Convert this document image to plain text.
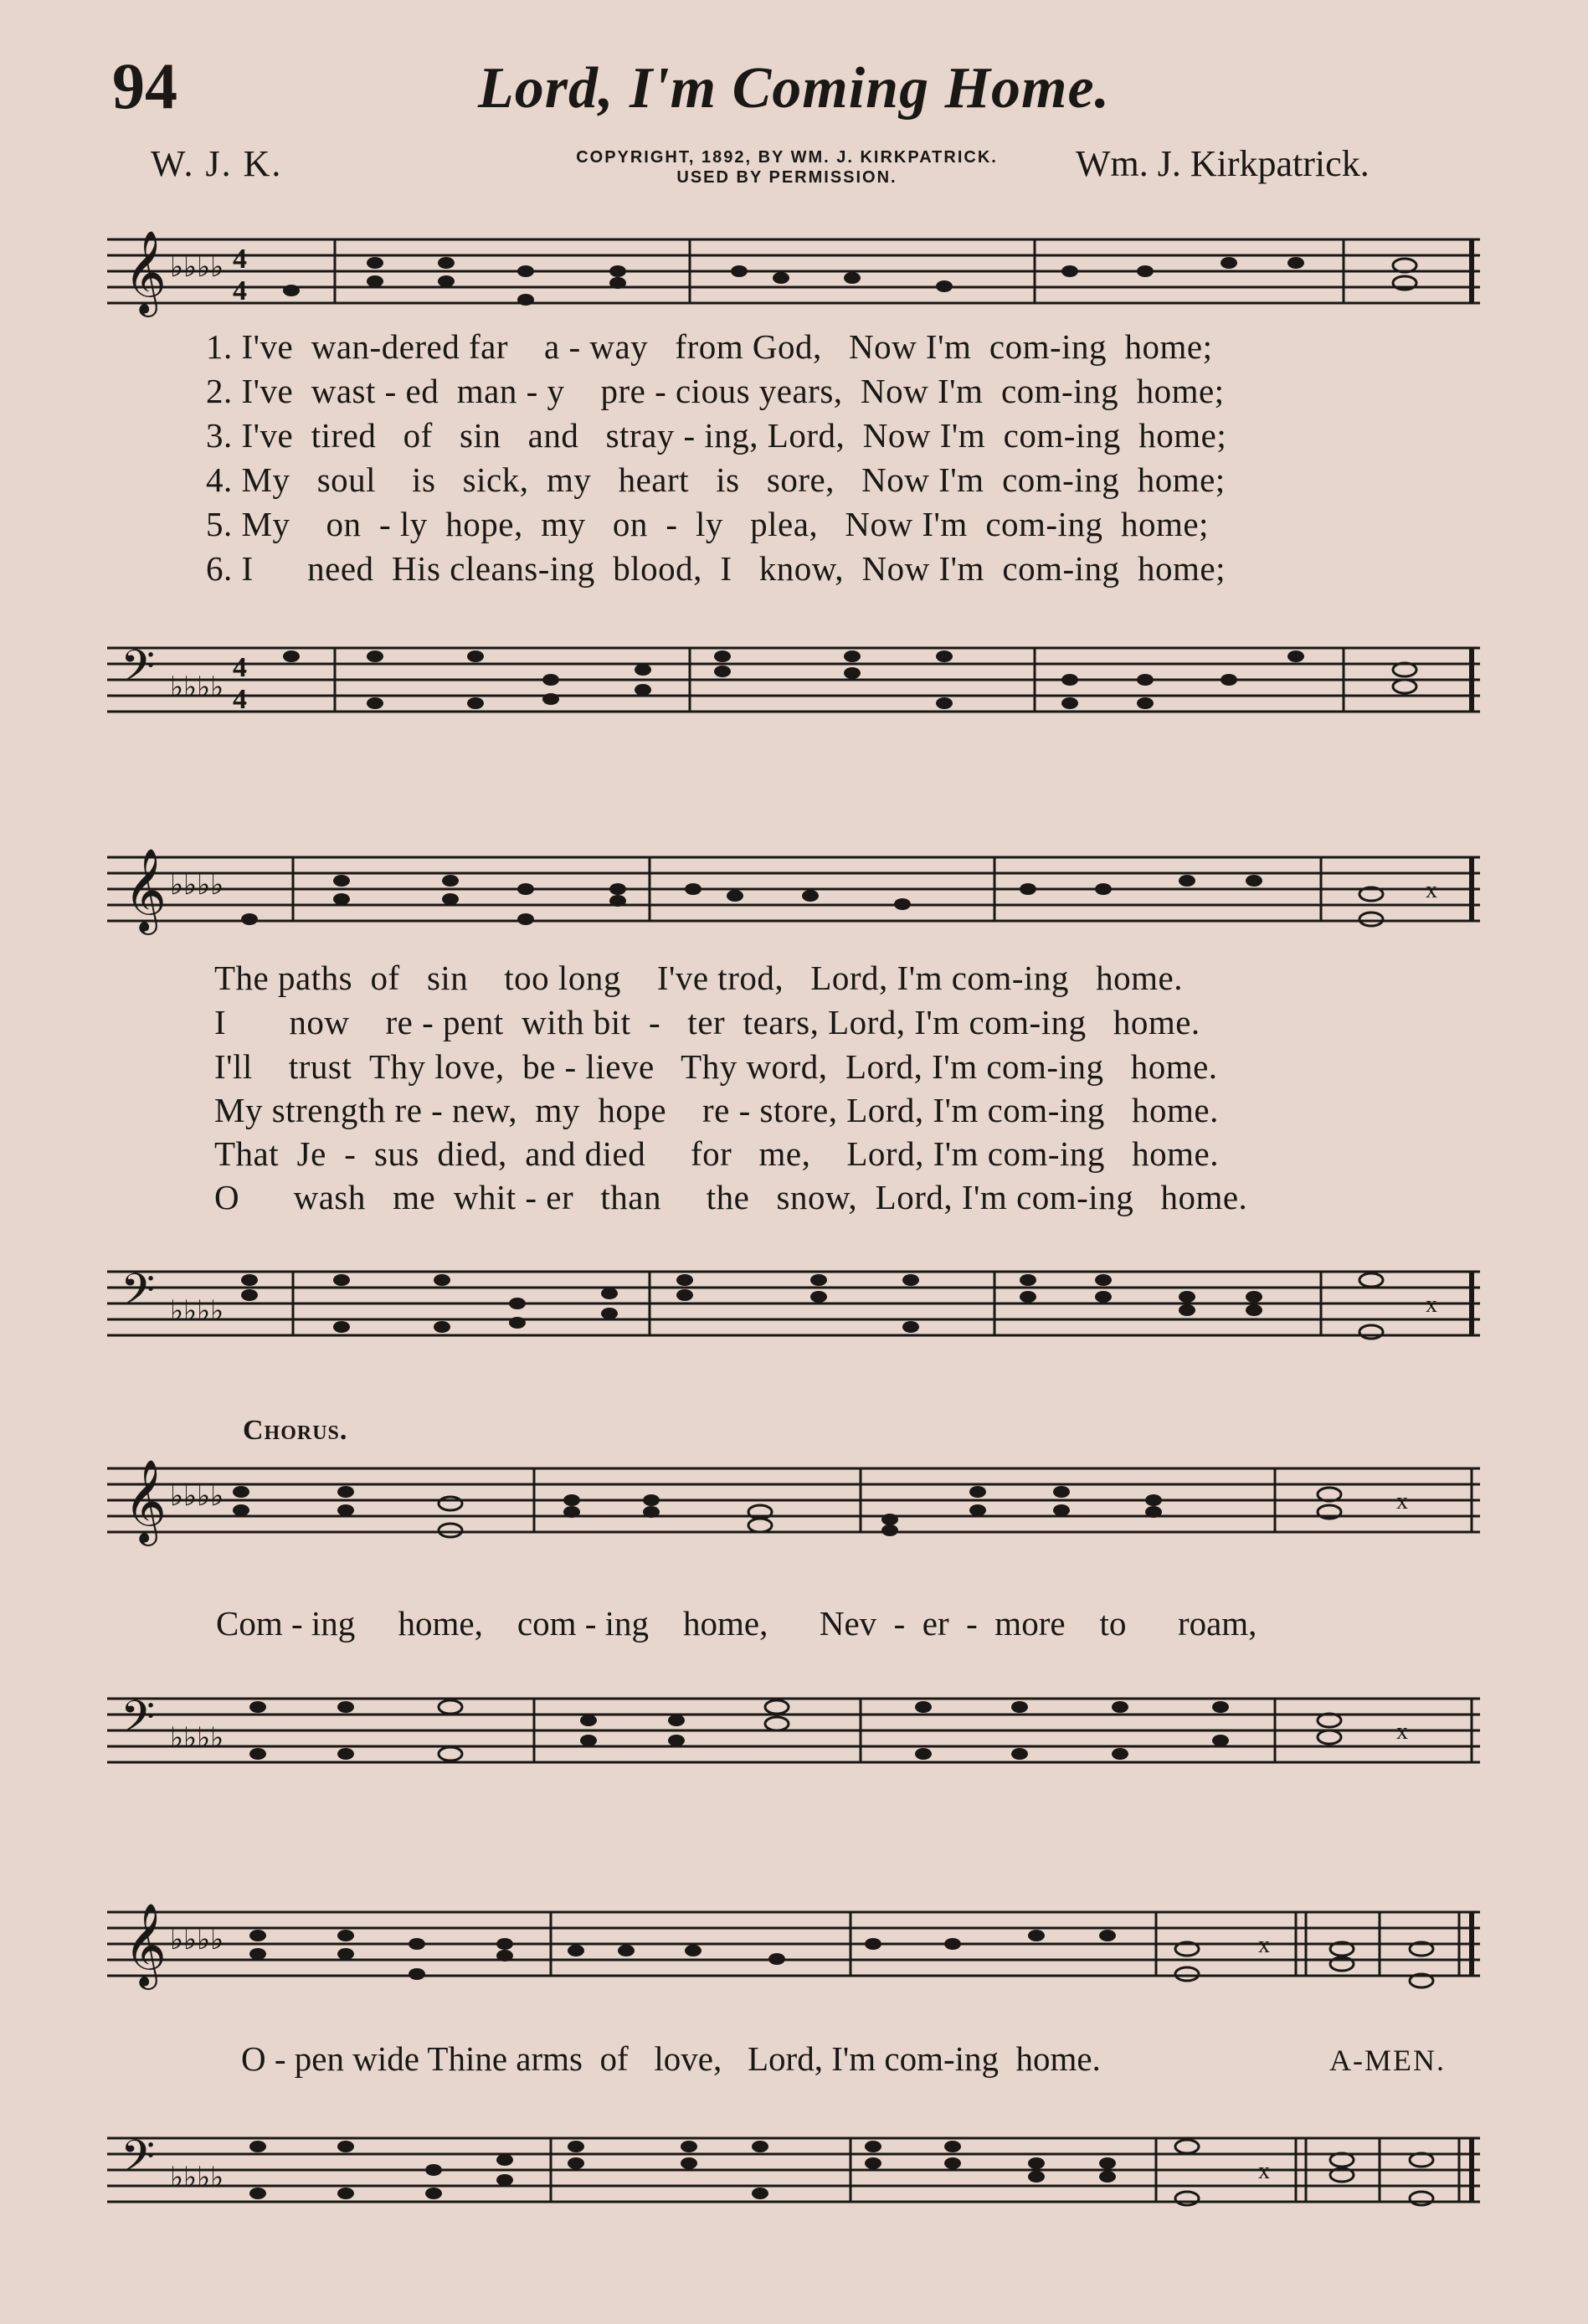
94	Lord, I'm Coming Home.
W. J. K.	COPYRIGHT, 1892, BY WM. J. KIRKPATRICK.
USED BY PERMISSION.	Wm. J. Kirkpatrick.
𝄞 ♭♭♭♭ 4
4
1. I've  wan-dered far    a - way   from God,   Now I'm  com-ing  home;
2. I've  wast - ed  man - y    pre - cious years,  Now I'm  com-ing  home;
3. I've  tired   of   sin   and   stray - ing, Lord,  Now I'm  com-ing  home;
4. My   soul    is   sick,  my   heart   is   sore,   Now I'm  com-ing  home;
5. My    on  - ly  hope,  my   on  -  ly   plea,   Now I'm  com-ing  home;
6. I      need  His cleans-ing  blood,  I   know,  Now I'm  com-ing  home;
𝄢 ♭♭♭♭
4
4
𝄞 ♭♭♭♭	x
The paths  of   sin    too long    I've trod,   Lord, I'm com-ing   home.
I       now    re - pent  with bit  -   ter  tears, Lord, I'm com-ing   home.
I'll    trust  Thy love,  be - lieve   Thy word,  Lord, I'm com-ing   home.
My strength re - new,  my  hope    re - store, Lord, I'm com-ing   home.
That  Je  -  sus  died,  and died     for   me,    Lord, I'm com-ing   home.
O      wash   me  whit - er   than     the   snow,  Lord, I'm com-ing   home.
𝄢 ♭♭♭♭	x
Chorus.
𝄞 ♭♭♭♭	x
Com - ing     home,    com - ing    home,      Nev  -  er  -  more    to      roam,
𝄢 ♭♭♭♭	x
𝄞 ♭♭♭♭	x
O - pen wide Thine arms  of   love,   Lord, I'm com-ing  home.	A-MEN.
𝄢 ♭♭♭♭	x
